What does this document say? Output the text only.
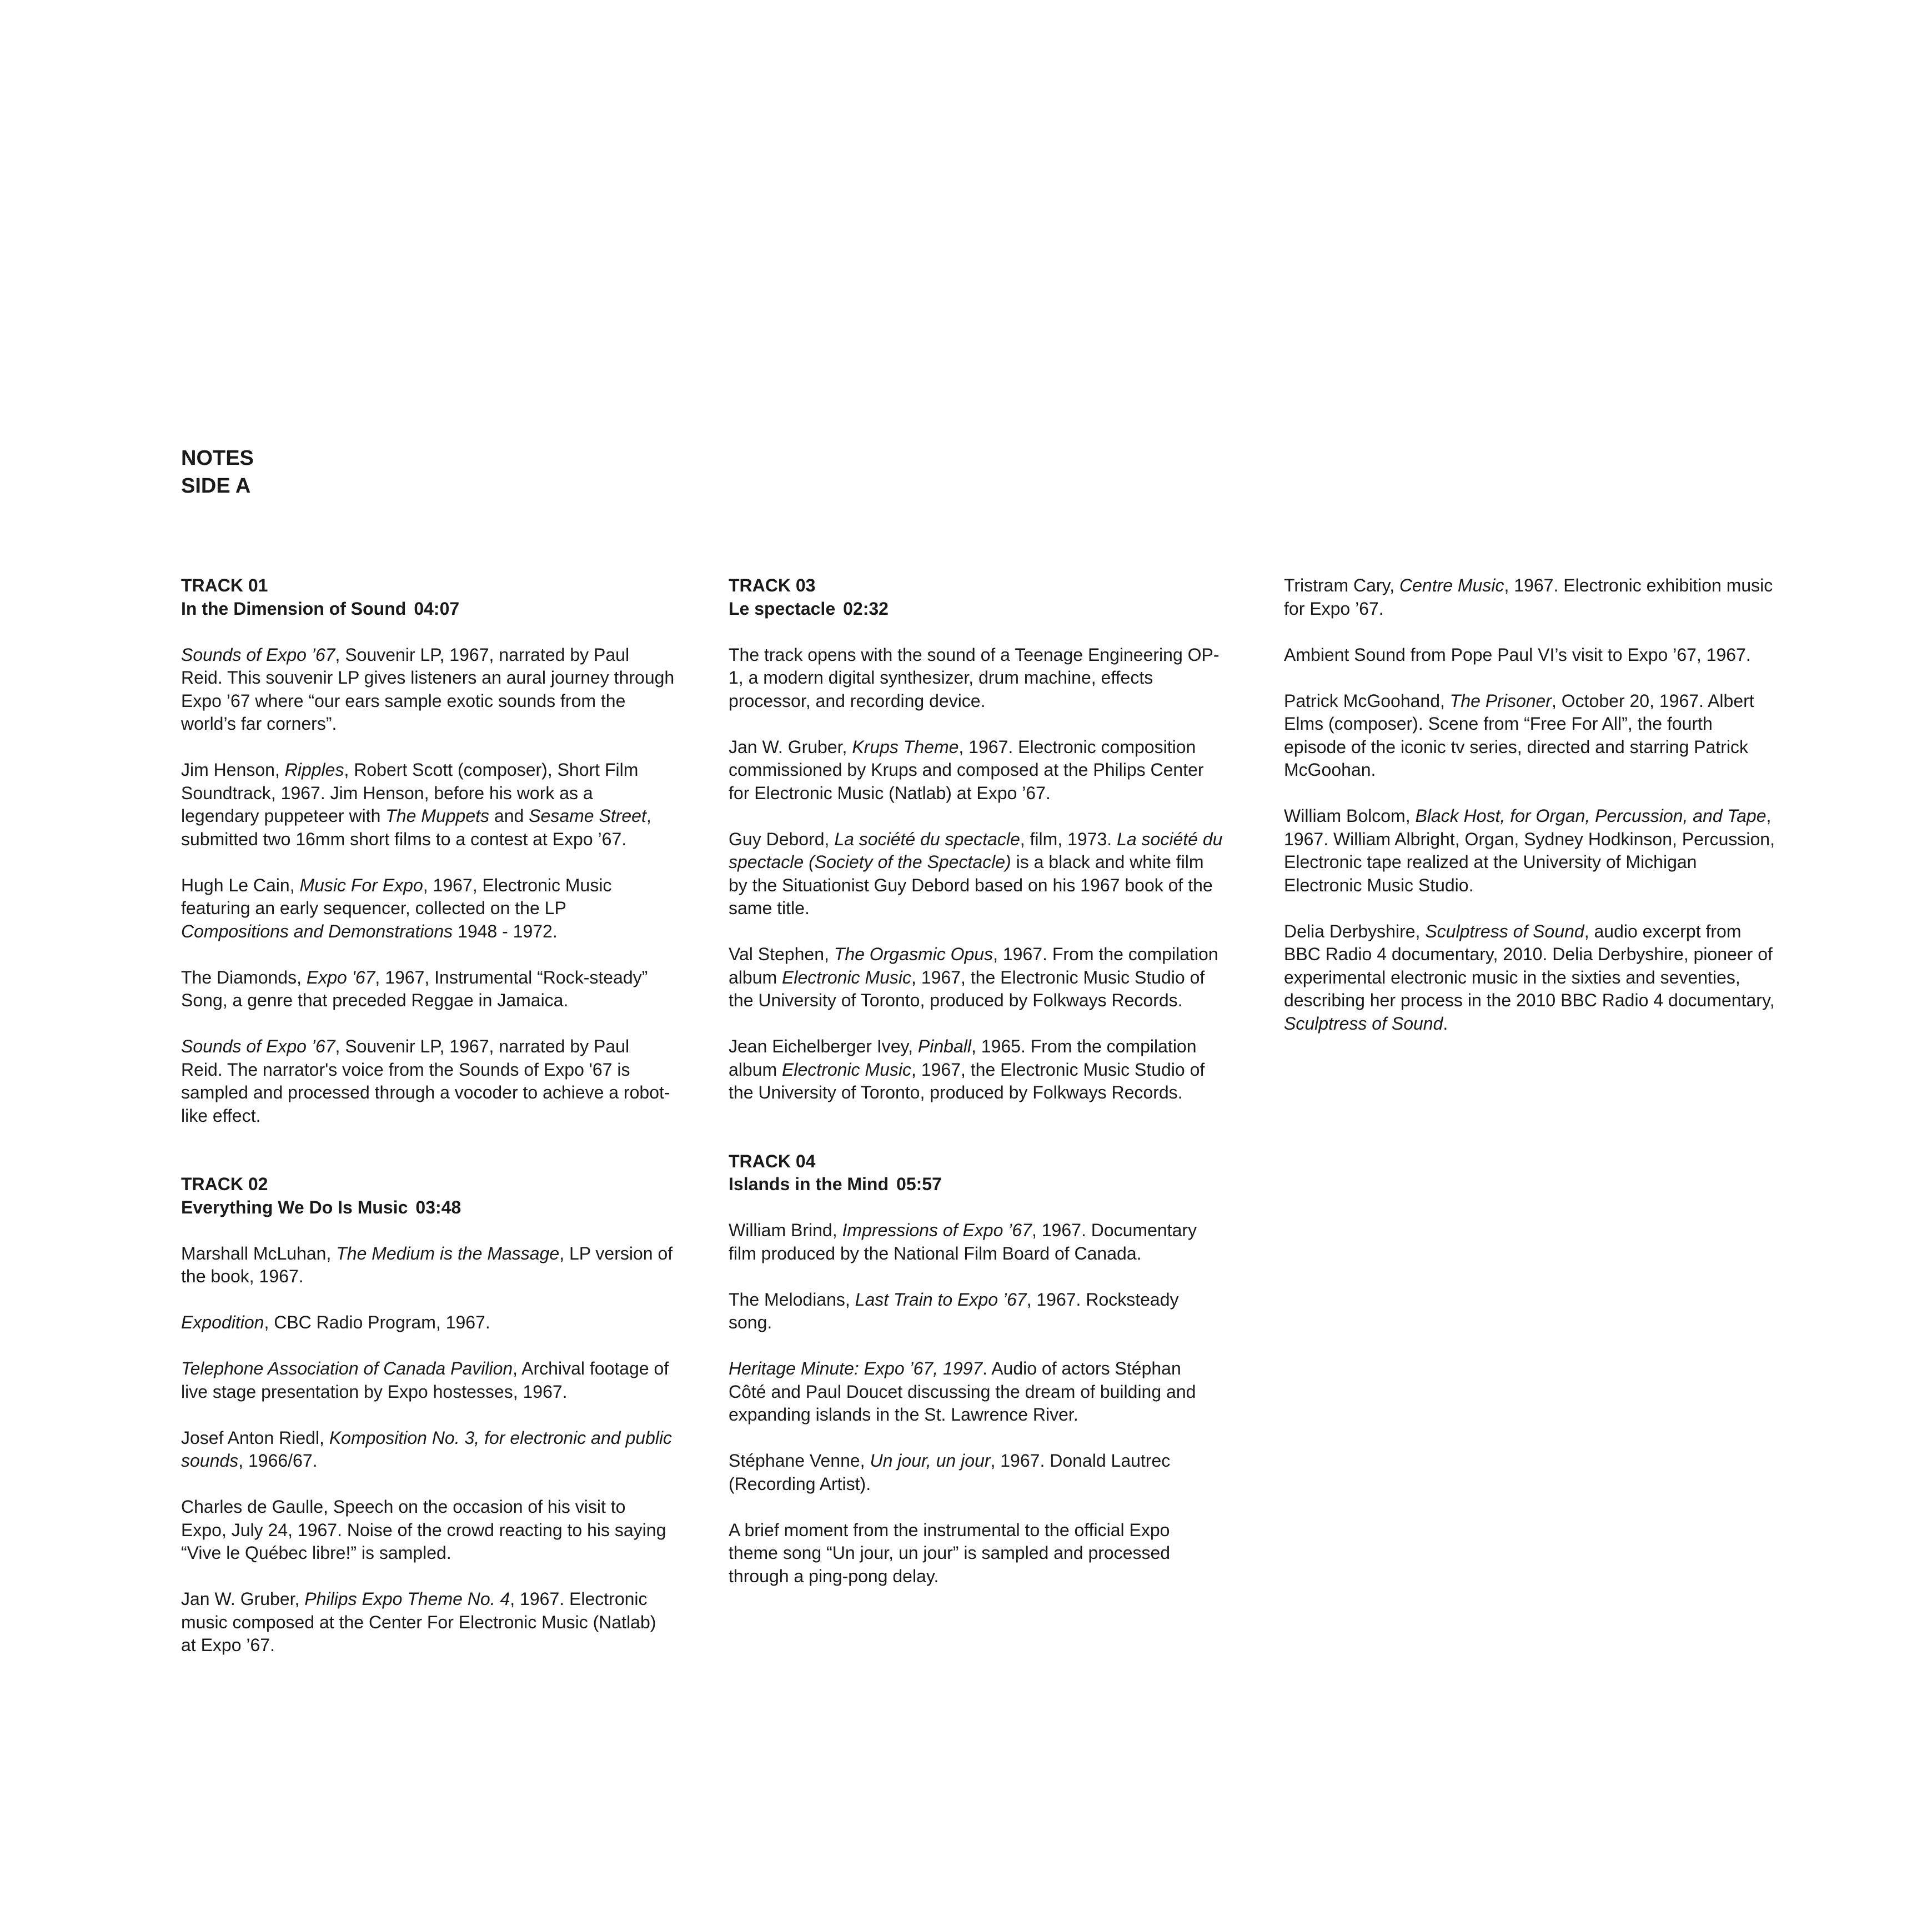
NOTES
SIDE A
TRACK 01
In the Dimension of Sound 04:07

Sounds of Expo ’67, Souvenir LP, 1967, narrated by Paul Reid. This souvenir LP gives listeners an aural journey through Expo ’67 where “our ears sample exotic sounds from the world’s far corners”.

Jim Henson, Ripples, Robert Scott (composer), Short Film Soundtrack, 1967. Jim Henson, before his work as a legendary puppeteer with The Muppets and Sesame Street, submitted two 16mm short films to a contest at Expo ’67.

Hugh Le Cain, Music For Expo, 1967, Electronic Music featuring an early sequencer, collected on the LP Compositions and Demonstrations 1948 - 1972.

The Diamonds, Expo '67, 1967, Instrumental “Rock-steady” Song, a genre that preceded Reggae in Jamaica.

Sounds of Expo ’67, Souvenir LP, 1967, narrated by Paul Reid. The narrator's voice from the Sounds of Expo '67 is sampled and processed through a vocoder to achieve a robot-like effect.

TRACK 02
Everything We Do Is Music 03:48

Marshall McLuhan, The Medium is the Massage, LP version of the book, 1967.

Expodition, CBC Radio Program, 1967.

Telephone Association of Canada Pavilion, Archival footage of live stage presentation by Expo hostesses, 1967.

Josef Anton Riedl, Komposition No. 3, for electronic and public sounds, 1966/67.

Charles de Gaulle, Speech on the occasion of his visit to Expo, July 24, 1967. Noise of the crowd reacting to his saying “Vive le Québec libre!” is sampled.

Jan W. Gruber, Philips Expo Theme No. 4, 1967. Electronic music composed at the Center For Electronic Music (Natlab) at Expo ’67.

TRACK 03
Le spectacle 02:32

The track opens with the sound of a Teenage Engineering OP-1, a modern digital synthesizer, drum machine, effects processor, and recording device.

Jan W. Gruber, Krups Theme, 1967. Electronic composition commissioned by Krups and composed at the Philips Center for Electronic Music (Natlab) at Expo ’67.

Guy Debord, La société du spectacle, film, 1973. La société du spectacle (Society of the Spectacle) is a black and white film by the Situationist Guy Debord based on his 1967 book of the same title.

Val Stephen, The Orgasmic Opus, 1967. From the compilation album Electronic Music, 1967, the Electronic Music Studio of the University of Toronto, produced by Folkways Records.

Jean Eichelberger Ivey, Pinball, 1965. From the compilation album Electronic Music, 1967, the Electronic Music Studio of the University of Toronto, produced by Folkways Records.

TRACK 04
Islands in the Mind 05:57

William Brind, Impressions of Expo ’67, 1967. Documentary film produced by the National Film Board of Canada.

The Melodians, Last Train to Expo ’67, 1967. Rocksteady song.

Heritage Minute: Expo ’67, 1997. Audio of actors Stéphan Côté and Paul Doucet discussing the dream of building and expanding islands in the St. Lawrence River.

Stéphane Venne, Un jour, un jour, 1967. Donald Lautrec (Recording Artist).

A brief moment from the instrumental to the official Expo theme song “Un jour, un jour” is sampled and processed through a ping-pong delay.

Tristram Cary, Centre Music, 1967. Electronic exhibition music for Expo ’67.

Ambient Sound from Pope Paul VI’s visit to Expo ’67, 1967.

Patrick McGoohand, The Prisoner, October 20, 1967. Albert Elms (composer). Scene from “Free For All”, the fourth episode of the iconic tv series, directed and starring Patrick McGoohan.

William Bolcom, Black Host, for Organ, Percussion, and Tape, 1967. William Albright, Organ, Sydney Hodkinson, Percussion, Electronic tape realized at the University of Michigan Electronic Music Studio.

Delia Derbyshire, Sculptress of Sound, audio excerpt from BBC Radio 4 documentary, 2010. Delia Derbyshire, pioneer of experimental electronic music in the sixties and seventies, describing her process in the 2010 BBC Radio 4 documentary, Sculptress of Sound.
